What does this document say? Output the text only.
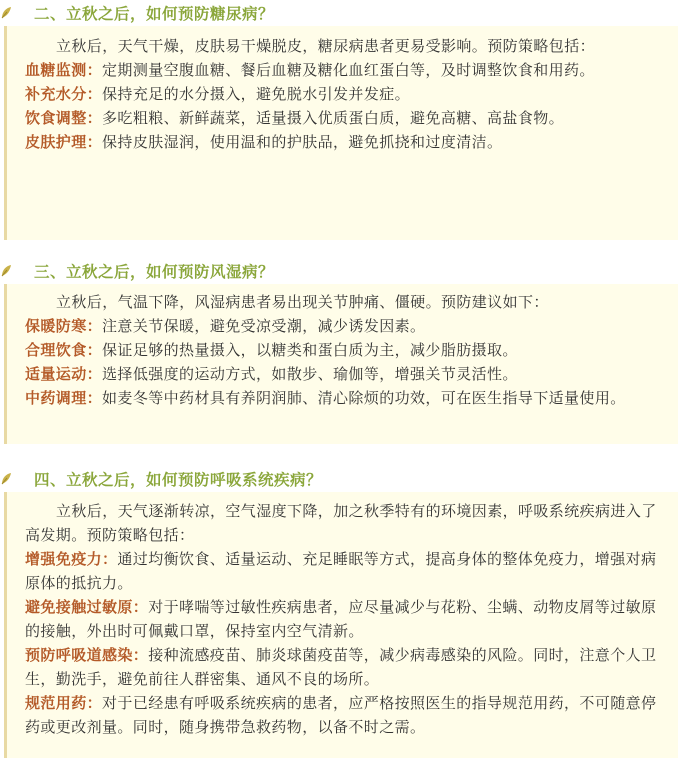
二、立秋之后，如何预防糖尿病？

立秋后，天气干燥，皮肤易干燥脱皮，糖尿病患者更易受影响。预防策略包括：

血糖监测：定期测量空腹血糖、餐后血糖及糖化血红蛋白等，及时调整饮食和用药。

补充水分：保持充足的水分摄入，避免脱水引发并发症。

饮食调整：多吃粗粮、新鲜蔬菜，适量摄入优质蛋白质，避免高糖、高盐食物。

皮肤护理：保持皮肤湿润，使用温和的护肤品，避免抓挠和过度清洁。

三、立秋之后，如何预防风湿病？

立秋后，气温下降，风湿病患者易出现关节肿痛、僵硬。预防建议如下：

保暖防寒：注意关节保暖，避免受凉受潮，减少诱发因素。

合理饮食：保证足够的热量摄入，以糖类和蛋白质为主，减少脂肪摄取。

适量运动：选择低强度的运动方式，如散步、瑜伽等，增强关节灵活性。

中药调理：如麦冬等中药材具有养阴润肺、清心除烦的功效，可在医生指导下适量使用。

四、立秋之后，如何预防呼吸系统疾病？

立秋后，天气逐渐转凉，空气湿度下降，加之秋季特有的环境因素，呼吸系统疾病进入了高发期。预防策略包括：

增强免疫力：通过均衡饮食、适量运动、充足睡眠等方式，提高身体的整体免疫力，增强对病原体的抵抗力。

避免接触过敏原：对于哮喘等过敏性疾病患者，应尽量减少与花粉、尘螨、动物皮屑等过敏原的接触，外出时可佩戴口罩，保持室内空气清新。

预防呼吸道感染：接种流感疫苗、肺炎球菌疫苗等，减少病毒感染的风险。同时，注意个人卫生，勤洗手，避免前往人群密集、通风不良的场所。

规范用药：对于已经患有呼吸系统疾病的患者，应严格按照医生的指导规范用药，不可随意停药或更改剂量。同时，随身携带急救药物，以备不时之需。
